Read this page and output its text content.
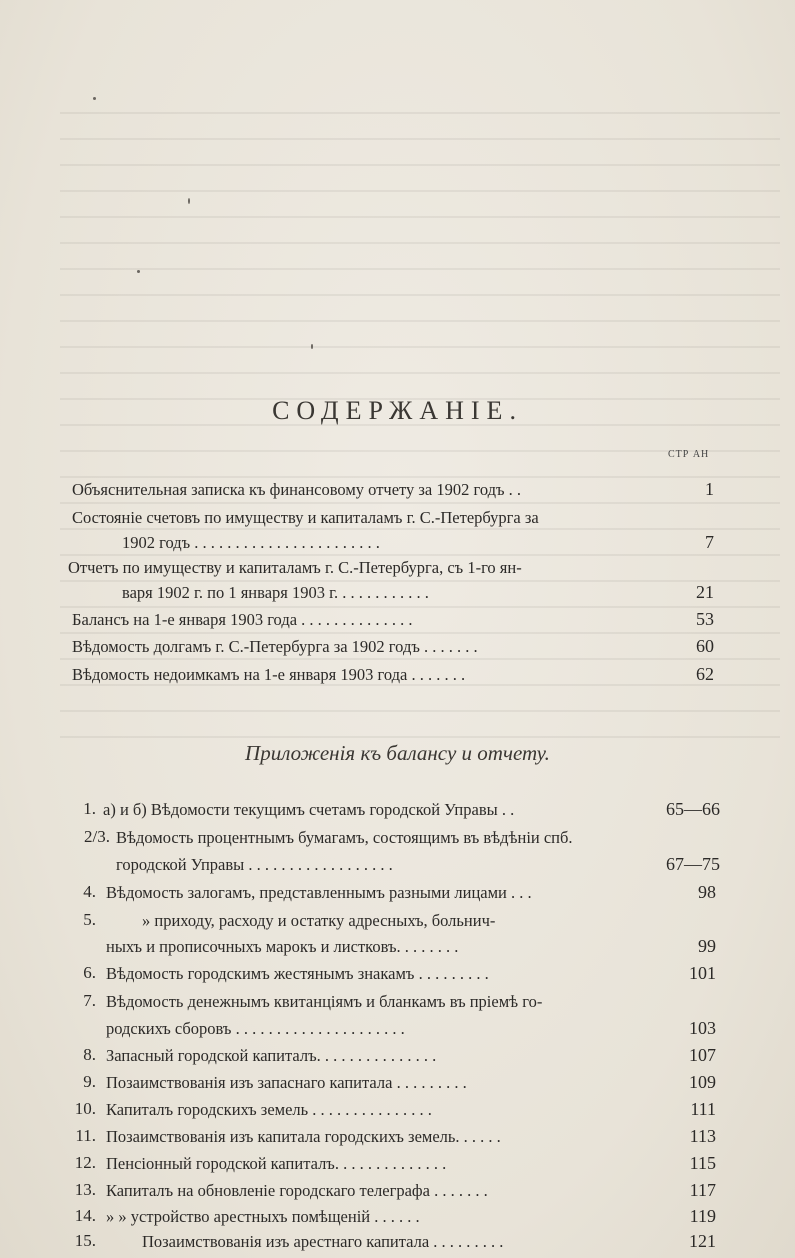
СОДЕРЖАНІЕ.
СТР АН
Объяснительная записка къ финансовому отчету за 1902 годъ . .	1
Состояніе счетовъ по имуществу и капиталамъ г. С.-Петербурга за
1902 годъ . . . . . . . . . . . . . . . . . . . . . . .	7
Отчетъ по имуществу и капиталамъ г. С.-Петербурга, съ 1-го ян-
варя 1902 г. по 1 января 1903 г. . . . . . . . . . . .	21
Балансъ на 1-е января 1903 года . . . . . . . . . . . . . .	53
Вѣдомость долгамъ г. С.-Петербурга за 1902 годъ . . . . . . .	60
Вѣдомость недоимкамъ на 1-е января 1903 года . . . . . . .	62
Приложенія къ балансу и отчету.
1. а) и б) Вѣдомости текущимъ счетамъ городской Управы . .	65—66
2/3. Вѣдомость процентнымъ бумагамъ, состоящимъ въ вѣдѣніи спб.
городской Управы . . . . . . . . . . . . . . . . . .	67—75
4. Вѣдомость залогамъ, представленнымъ разными лицами . . .	98
5.	» приходу, расходу и остатку адресныхъ, больнич-
ныхъ и прописочныхъ марокъ и листковъ. . . . . . . .	99
6. Вѣдомость городскимъ жестянымъ знакамъ . . . . . . . . .	101
7. Вѣдомость денежнымъ квитанціямъ и бланкамъ въ пріемѣ го-
родскихъ сборовъ . . . . . . . . . . . . . . . . . . . . .	103
8. Запасный городской капиталъ. . . . . . . . . . . . . . .	107
9. Позаимствованія изъ запаснаго капитала . . . . . . . . .	109
10. Капиталъ городскихъ земель . . . . . . . . . . . . . . .	111
11. Позаимствованія изъ капитала городскихъ земель. . . . . .	113
12. Пенсіонный городской капиталъ. . . . . . . . . . . . . .	115
13. Капиталъ на обновленіе городскаго телеграфа . . . . . . .	117
14. » » устройство арестныхъ помѣщеній . . . . . .	119
15.	Позаимствованія изъ арестнаго капитала . . . . . . . . .	121
